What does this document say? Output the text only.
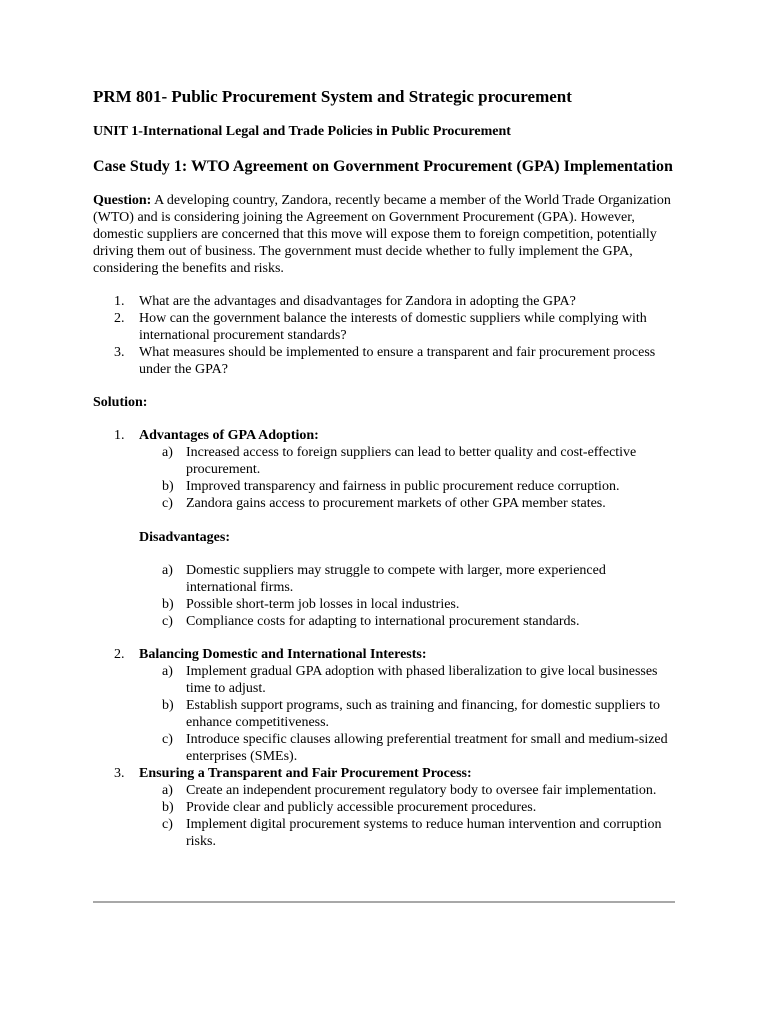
PRM 801- Public Procurement System and Strategic procurement

UNIT 1-International Legal and Trade Policies in Public Procurement

Case Study 1: WTO Agreement on Government Procurement (GPA) Implementation

Question: A developing country, Zandora, recently became a member of the World Trade Organization (WTO) and is considering joining the Agreement on Government Procurement (GPA). However, domestic suppliers are concerned that this move will expose them to foreign competition, potentially driving them out of business. The government must decide whether to fully implement the GPA, considering the benefits and risks.

1.	What are the advantages and disadvantages for Zandora in adopting the GPA?
2.	How can the government balance the interests of domestic suppliers while complying with international procurement standards?
3.	What measures should be implemented to ensure a transparent and fair procurement process under the GPA?

Solution:

1.	Advantages of GPA Adoption:
a) Increased access to foreign suppliers can lead to better quality and cost-effective procurement.
b) Improved transparency and fairness in public procurement reduce corruption.
c) Zandora gains access to procurement markets of other GPA member states.

Disadvantages:

a) Domestic suppliers may struggle to compete with larger, more experienced international firms.
b) Possible short-term job losses in local industries.
c) Compliance costs for adapting to international procurement standards.
2.	Balancing Domestic and International Interests:
a) Implement gradual GPA adoption with phased liberalization to give local businesses time to adjust.
b) Establish support programs, such as training and financing, for domestic suppliers to enhance competitiveness.
c) Introduce specific clauses allowing preferential treatment for small and medium-sized enterprises (SMEs).
3.	Ensuring a Transparent and Fair Procurement Process:
a) Create an independent procurement regulatory body to oversee fair implementation.
b) Provide clear and publicly accessible procurement procedures.
c) Implement digital procurement systems to reduce human intervention and corruption risks.
